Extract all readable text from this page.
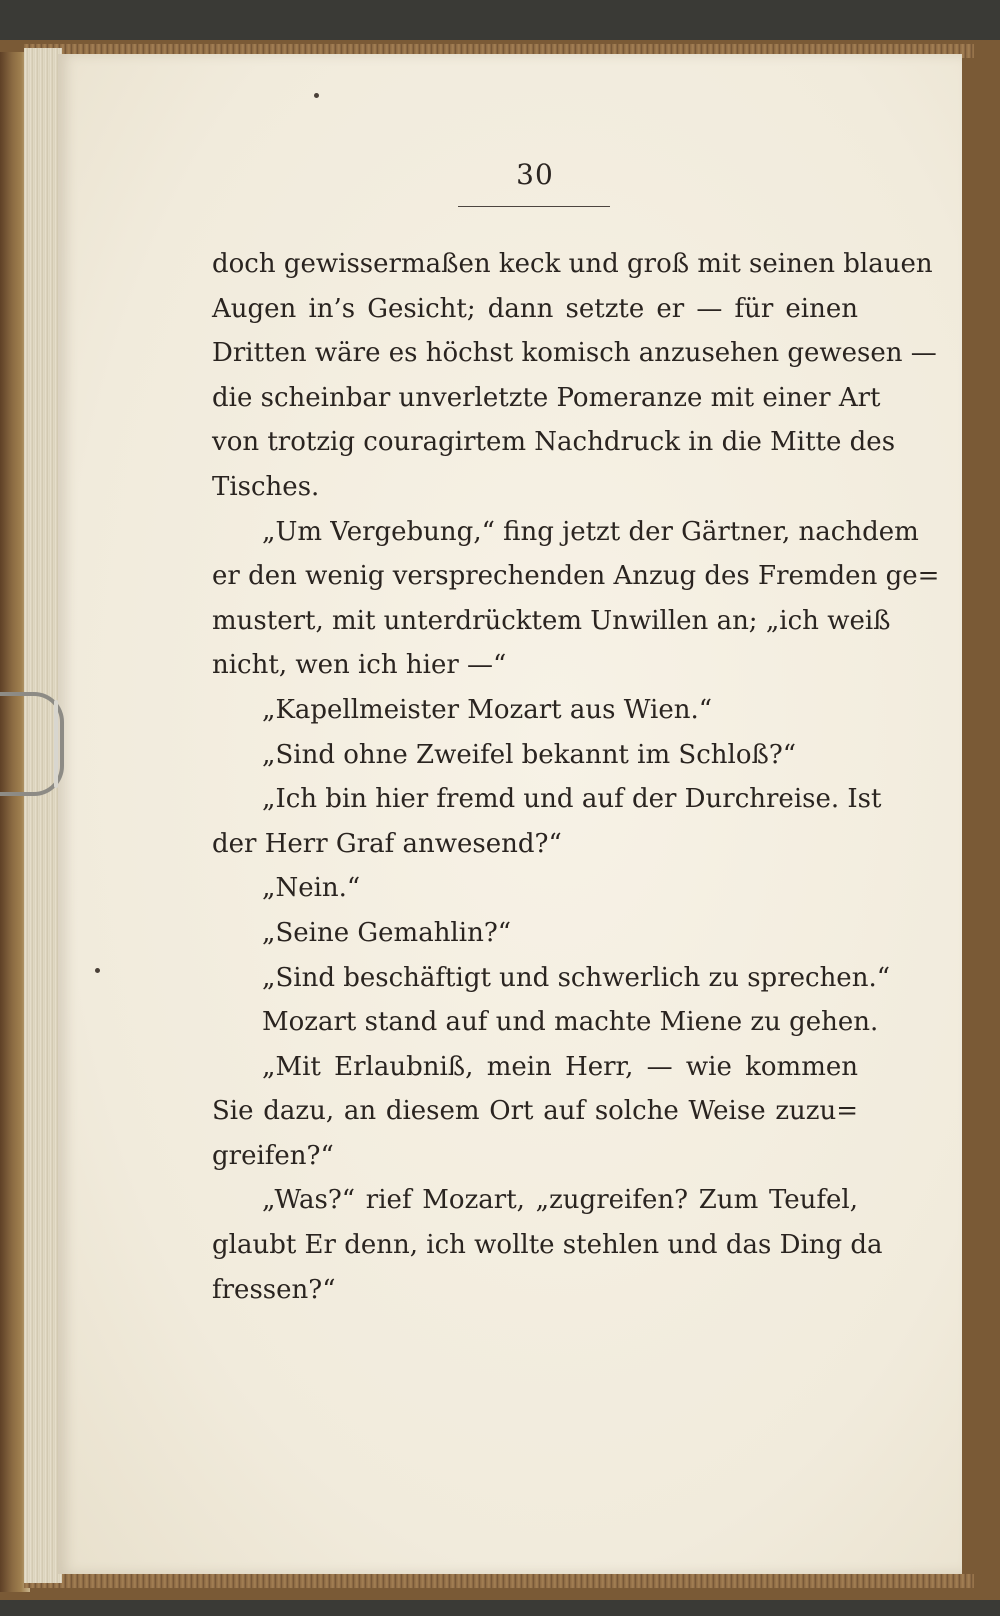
30
doch gewissermaßen keck und groß mit seinen blauen
Augen in’s Gesicht; dann setzte er — für einen
Dritten wäre es höchst komisch anzusehen gewesen —
die scheinbar unverletzte Pomeranze mit einer Art
von trotzig couragirtem Nachdruck in die Mitte des
Tisches.
„Um Vergebung,“ fing jetzt der Gärtner, nachdem
er den wenig versprechenden Anzug des Fremden ge=
mustert, mit unterdrücktem Unwillen an; „ich weiß
nicht, wen ich hier —“
„Kapellmeister Mozart aus Wien.“
„Sind ohne Zweifel bekannt im Schloß?“
„Ich bin hier fremd und auf der Durchreise. Ist
der Herr Graf anwesend?“
„Nein.“
„Seine Gemahlin?“
„Sind beschäftigt und schwerlich zu sprechen.“
Mozart stand auf und machte Miene zu gehen.
„Mit Erlaubniß, mein Herr, — wie kommen
Sie dazu, an diesem Ort auf solche Weise zuzu=
greifen?“
„Was?“ rief Mozart, „zugreifen? Zum Teufel,
glaubt Er denn, ich wollte stehlen und das Ding da
fressen?“
